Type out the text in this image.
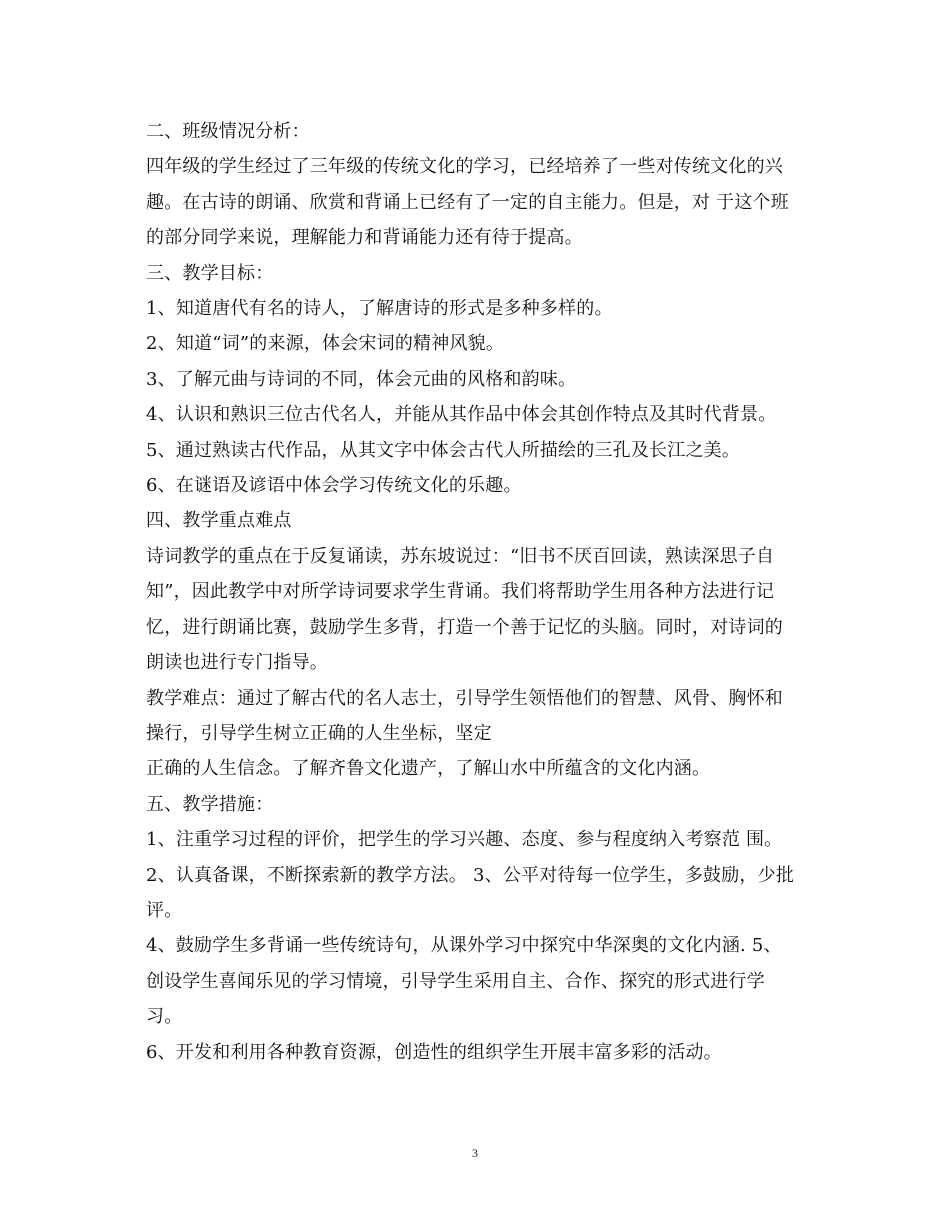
二、班级情况分析：
四年级的学生经过了三年级的传统文化的学习，已经培养了一些对传统文化的兴
趣。在古诗的朗诵、欣赏和背诵上已经有了一定的自主能力。但是，对 于这个班
的部分同学来说，理解能力和背诵能力还有待于提高。
三、教学目标：
1、知道唐代有名的诗人，了解唐诗的形式是多种多样的。
2、知道“词”的来源，体会宋词的精神风貌。
3、了解元曲与诗词的不同，体会元曲的风格和韵味。
4、认识和熟识三位古代名人，并能从其作品中体会其创作特点及其时代背景。
5、通过熟读古代作品，从其文字中体会古代人所描绘的三孔及长江之美。
6、在谜语及谚语中体会学习传统文化的乐趣。
四、教学重点难点
诗词教学的重点在于反复诵读，苏东坡说过：“旧书不厌百回读，熟读深思子自
知”，因此教学中对所学诗词要求学生背诵。我们将帮助学生用各种方法进行记
忆，进行朗诵比赛，鼓励学生多背，打造一个善于记忆的头脑。同时，对诗词的
朗读也进行专门指导。
教学难点：通过了解古代的名人志士，引导学生领悟他们的智慧、风骨、胸怀和
操行，引导学生树立正确的人生坐标，坚定
正确的人生信念。了解齐鲁文化遗产，了解山水中所蕴含的文化内涵。
五、教学措施：
1、注重学习过程的评价，把学生的学习兴趣、态度、参与程度纳入考察范 围。
2、认真备课，不断探索新的教学方法。 3、公平对待每一位学生，多鼓励，少批
评。
4、鼓励学生多背诵一些传统诗句，从课外学习中探究中华深奥的文化内涵. 5、
创设学生喜闻乐见的学习情境，引导学生采用自主、合作、探究的形式进行学
习。
6、开发和利用各种教育资源，创造性的组织学生开展丰富多彩的活动。
3
